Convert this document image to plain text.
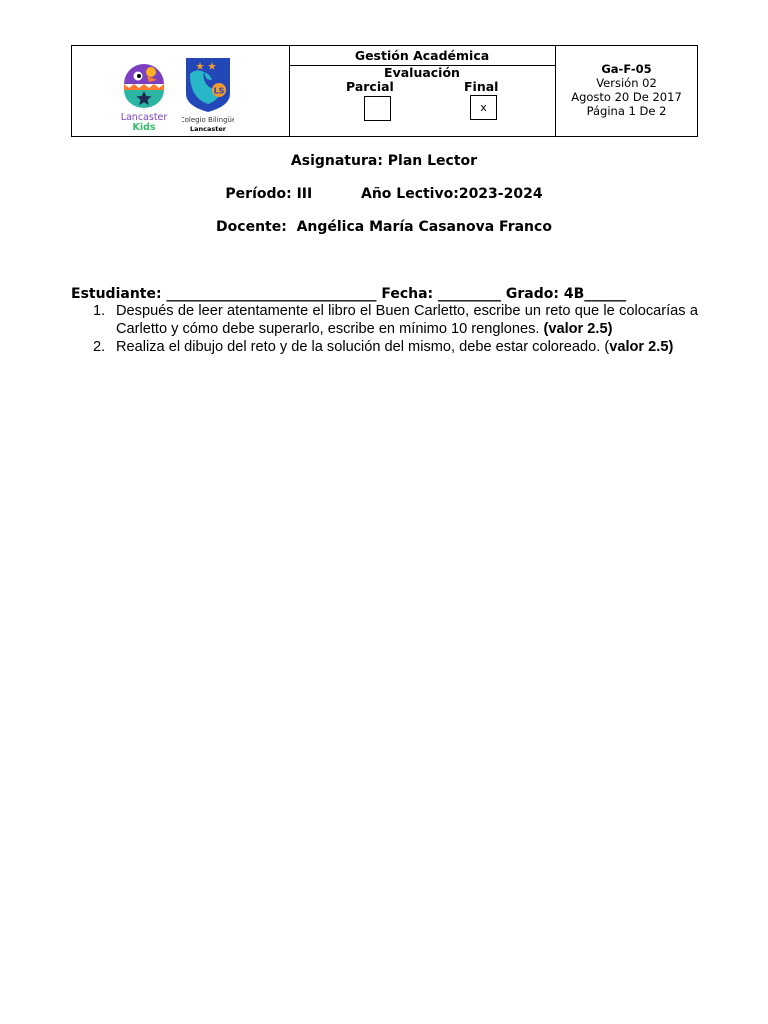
Lancaster
Kids
LS
Colegio Bilingüe
Lancaster
Gestión Académica
Evaluación
Parcial	Final
x
Ga-F-05
Versión 02
Agosto 20 De 2017
Página 1 De 2
Asignatura: Plan Lector
Período: III	Año Lectivo:2023-2024
Docente:  Angélica María Casanova Franco
Estudiante: ______________________________ Fecha: _________ Grado: 4B______
1. Después de leer atentamente el libro el Buen Carletto, escribe un reto que le colocarías a Carletto y cómo debe superarlo, escribe en mínimo 10 renglones. (valor 2.5)
2. Realiza el dibujo del reto y de la solución del mismo, debe estar coloreado. (valor 2.5)
